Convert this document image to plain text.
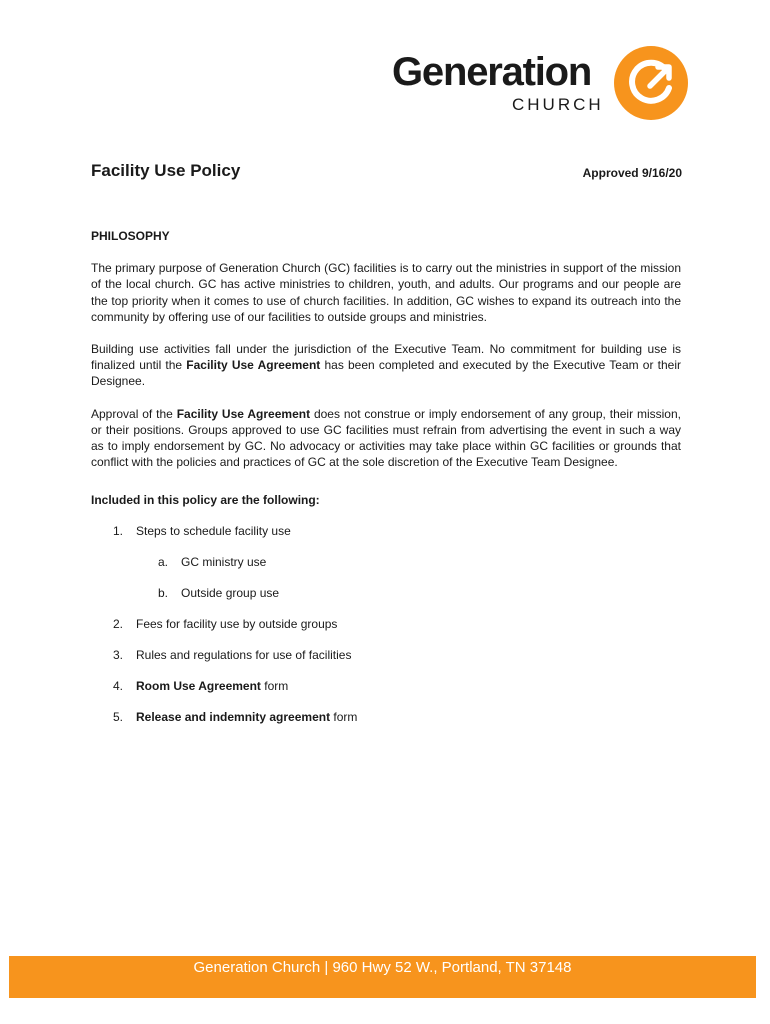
Generation
CHURCH
Facility Use Policy	Approved 9/16/20
PHILOSOPHY

The primary purpose of Generation Church (GC) facilities is to carry out the ministries in support of the mission of the local church. GC has active ministries to children, youth, and adults. Our programs and our people are the top priority when it comes to use of church facilities. In addition, GC wishes to expand its outreach into the community by offering use of our facilities to outside groups and ministries.

Building use activities fall under the jurisdiction of the Executive Team. No commitment for building use is finalized until the Facility Use Agreement has been completed and executed by the Executive Team or their Designee.

Approval of the Facility Use Agreement does not construe or imply endorsement of any group, their mission, or their positions. Groups approved to use GC facilities must refrain from advertising the event in such a way as to imply endorsement by GC. No advocacy or activities may take place within GC facilities or grounds that conflict with the policies and practices of GC at the sole discretion of the Executive Team Designee.

Included in this policy are the following:
1.	Steps to schedule facility use
a.	GC ministry use
b.	Outside group use
2.	Fees for facility use by outside groups
3.	Rules and regulations for use of facilities
4.	Room Use Agreement form
5.	Release and indemnity agreement form
Generation Church | 960 Hwy 52 W., Portland, TN 37148
